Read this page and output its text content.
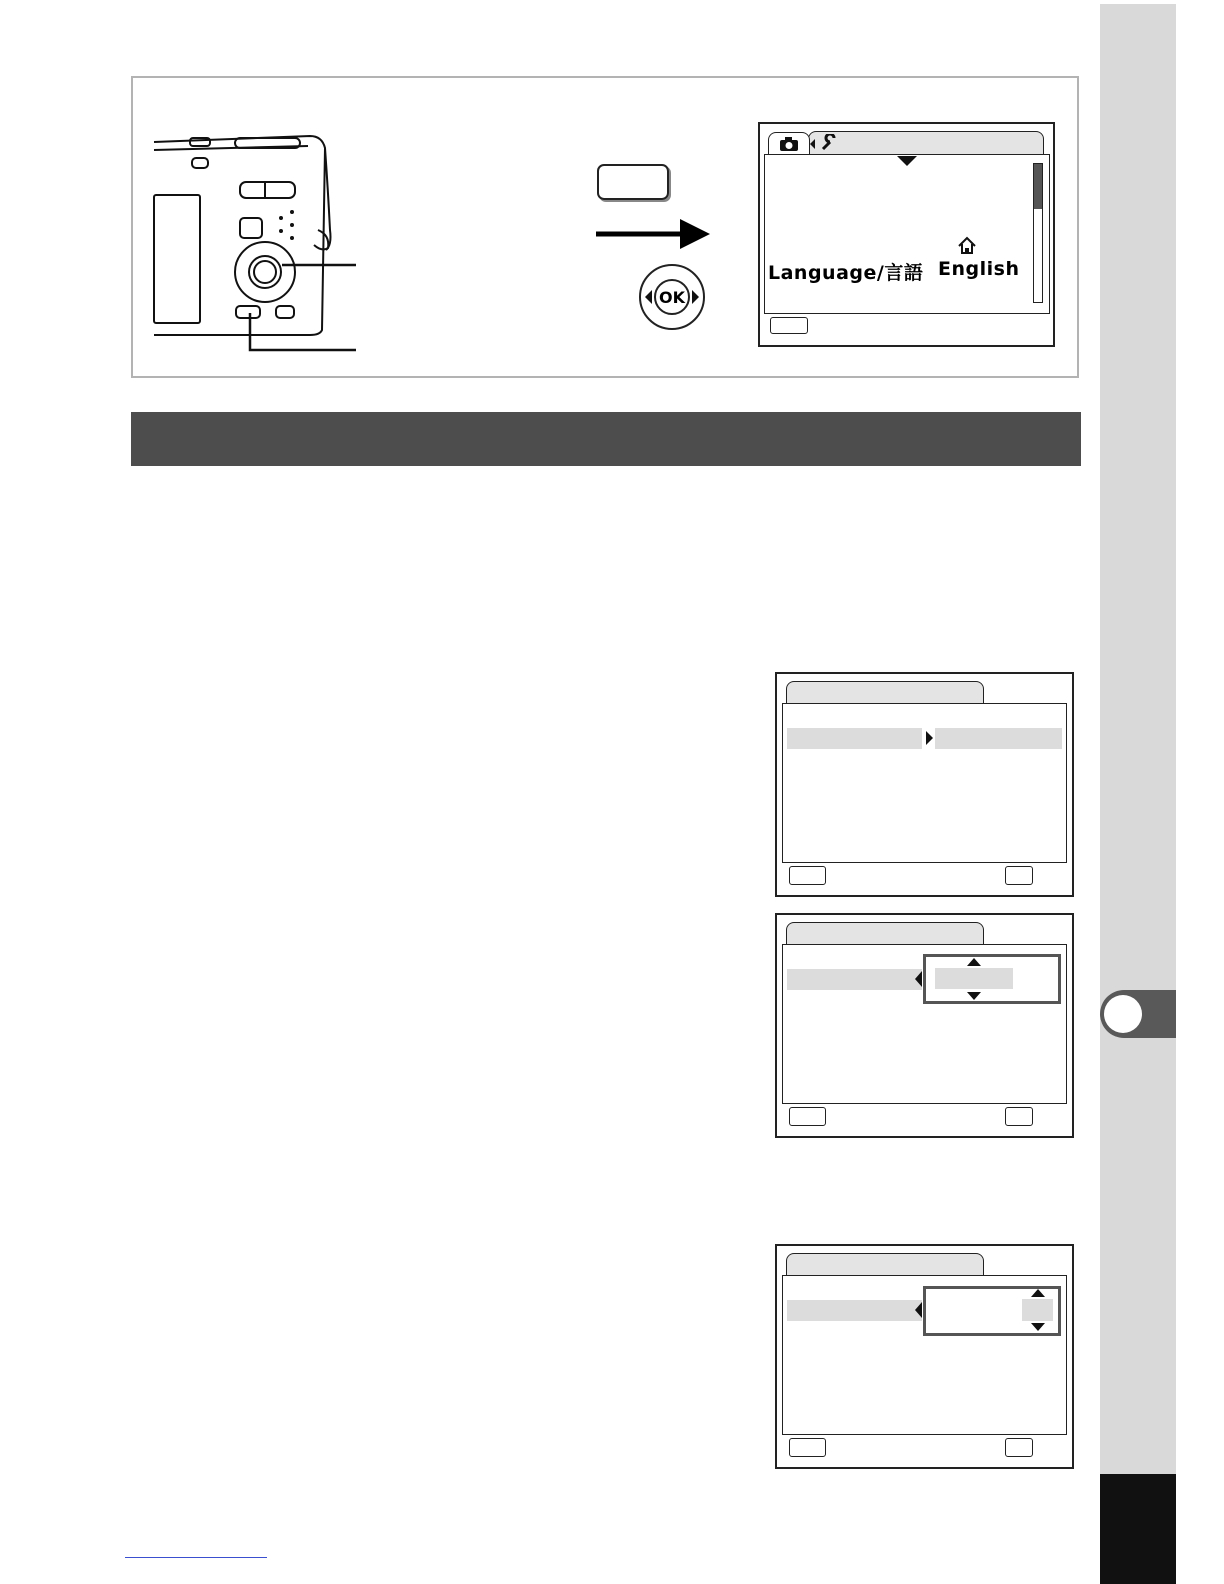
OK
Language/言語 English
